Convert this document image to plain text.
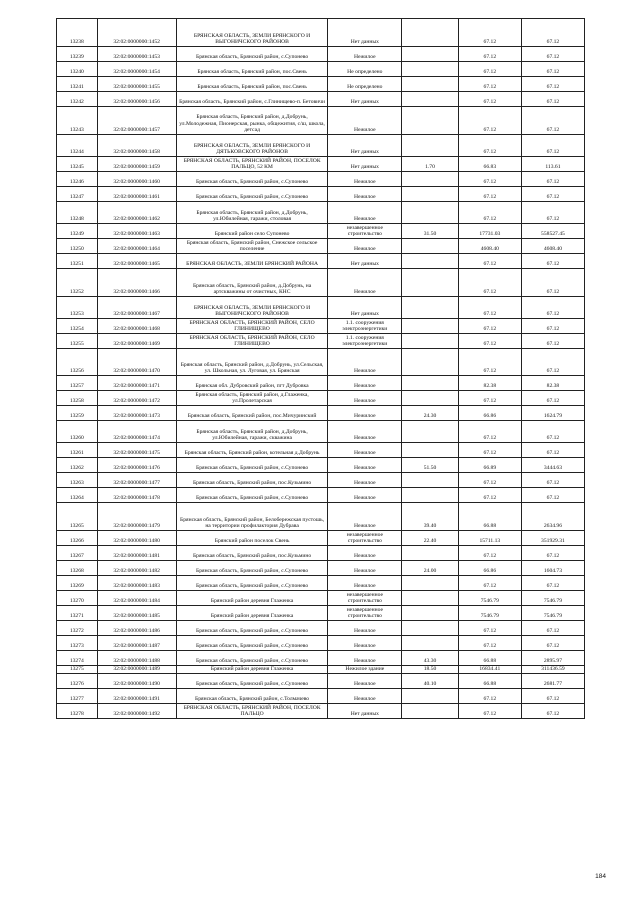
13238	32:02:0000000:1452	БРЯНСКАЯ ОБЛАСТЬ, ЗЕМЛИ БРЯНСКОГО И ВЫГОНИЧСКОГО РАЙОНОВ	Нет данных		67.12	67.12
13239	32:02:0000000:1453	Брянская область, Брянский район, с.Супонево	Нежилое		67.12	67.12
13240	32:02:0000000:1454	Брянская область, Брянский район, пос.Свень	Не определено		67.12	67.12
13241	32:02:0000000:1455	Брянская область, Брянский район, пос.Свень	Не определено		67.12	67.12
13242	32:02:0000000:1456	Брянская область, Брянский район, с.Глинищево-п. Бетовичи	Нет данных		67.12	67.12
13243	32:02:0000000:1457	Брянская область, Брянский район, д.Добрунь, ул.Молодежная, Пионерская, рынка, общежития, с/ш, школа, детсад	Нежилое		67.12	67.12
13244	32:02:0000000:1458	БРЯНСКАЯ ОБЛАСТЬ, ЗЕМЛИ БРЯНСКОГО И ДЯТЬКОВСКОГО РАЙОНОВ	Нет данных		67.12	67.12
13245	32:02:0000000:1459	БРЯНСКАЯ ОБЛАСТЬ, БРЯНСКИЙ РАЙОН, ПОСЕЛОК ПАЛЬЦО, 52 КМ	Нет данных	1.70	66.83	113.61
13246	32:02:0000000:1460	Брянская область, Брянский район, с.Супонево	Нежилое		67.12	67.12
13247	32:02:0000000:1461	Брянская область, Брянский район, с.Супонево	Нежилое		67.12	67.12
13248	32:02:0000000:1462	Брянская область, Брянский район, д.Добрунь, ул.Юбилейная, гаражи, столовая	Нежилое		67.12	67.12
13249	32:02:0000000:1463	Брянский район село Супонево	незавершенное строительство	31.50	17731.03	558527.45
13250	32:02:0000000:1464	Брянская область, Брянский район, Снежское сельское поселение	Нежилое		4608.40	4608.40
13251	32:02:0000000:1465	БРЯНСКАЯ ОБЛАСТЬ, ЗЕМЛИ БРЯНСКИЙ РАЙОНА	Нет данных		67.12	67.12
13252	32:02:0000000:1466	Брянская область, Брянский район, д.Добрунь, на артскважины от очистных, КНС	Нежилое		67.12	67.12
13253	32:02:0000000:1467	БРЯНСКАЯ ОБЛАСТЬ, ЗЕМЛИ БРЯНСКОГО И ВЫГОНИЧСКОГО РАЙОНОВ	Нет данных		67.12	67.12
13254	32:02:0000000:1468	БРЯНСКАЯ ОБЛАСТЬ, БРЯНСКИЙ РАЙОН, СЕЛО ГЛИНИЩЕВО	1.1. сооружения электроэнергетики		67.12	67.12
13255	32:02:0000000:1469	БРЯНСКАЯ ОБЛАСТЬ, БРЯНСКИЙ РАЙОН, СЕЛО ГЛИНИЩЕВО	1.1. сооружения электроэнергетики		67.12	67.12
13256	32:02:0000000:1470	Брянская область, Брянский район, д.Добрунь, ул.Сельская, ул. Школьная, ул. Луговая, ул. Брянская	Нежилое		67.12	67.12
13257	32:02:0000000:1471	Брянская обл. Дубровский район, пгт Дубровка	Нежилое		82.38	82.38
13258	32:02:0000000:1472	Брянская область, Брянский район, д.Глаженка, ул.Пролетарская	Нежилое		67.12	67.12
13259	32:02:0000000:1473	Брянская область, Брянский район, пос.Мичуринский	Нежилое	24.30	66.86	1624.79
13260	32:02:0000000:1474	Брянская область, Брянский район, д.Добрунь, ул.Юбилейная, гаражи, скважина	Нежилое		67.12	67.12
13261	32:02:0000000:1475	Брянская область, Брянский район, котельная д.Добрунь	Нежилое		67.12	67.12
13262	32:02:0000000:1476	Брянская область, Брянский район, с.Супонево	Нежилое	51.50	66.89	3444.63
13263	32:02:0000000:1477	Брянская область, Брянский район, пос.Кузьмино	Нежилое		67.12	67.12
13264	32:02:0000000:1478	Брянская область, Брянский район, с.Супонево	Нежилое		67.12	67.12
13265	32:02:0000000:1479	Брянская область, Брянский район, Белобережская пустошь, на территории профилактория Дубрава	Нежилое	39.40	66.88	2634.96
13266	32:02:0000000:1480	Брянский район поселок Свень	незавершенное строительство	22.40	15711.13	351929.31
13267	32:02:0000000:1481	Брянская область, Брянский район, пос.Кузьмино	Нежилое		67.12	67.12
13268	32:02:0000000:1482	Брянская область, Брянский район, с.Супонево	Нежилое	24.00	66.86	1604.73
13269	32:02:0000000:1483	Брянская область, Брянский район, с.Супонево	Нежилое		67.12	67.12
13270	32:02:0000000:1484	Брянский район деревня Глаженка	незавершенное строительство		7546.79	7546.79
13271	32:02:0000000:1485	Брянский район деревня Глаженка	незавершенное строительство		7546.79	7546.79
13272	32:02:0000000:1486	Брянская область, Брянский район, с.Супонево	Нежилое		67.12	67.12
13273	32:02:0000000:1487	Брянская область, Брянский район, с.Супонево	Нежилое		67.12	67.12
13274	32:02:0000000:1488	Брянская область, Брянский район, с.Супонево	Нежилое	43.30	66.88	2895.97
13275	32:02:0000000:1489	Брянский район деревня Глаженка	Нежилое здание	18.50	16834.41	311436.59
13276	32:02:0000000:1490	Брянская область, Брянский район, с.Супонево	Нежилое	40.10	66.88	2681.77
13277	32:02:0000000:1491	Брянская область, Брянский район, с.Толмачево	Нежилое		67.12	67.12
13278	32:02:0000000:1492	БРЯНСКАЯ ОБЛАСТЬ, БРЯНСКИЙ РАЙОН, ПОСЕЛОК ПАЛЬЦО	Нет данных		67.12	67.12
184
